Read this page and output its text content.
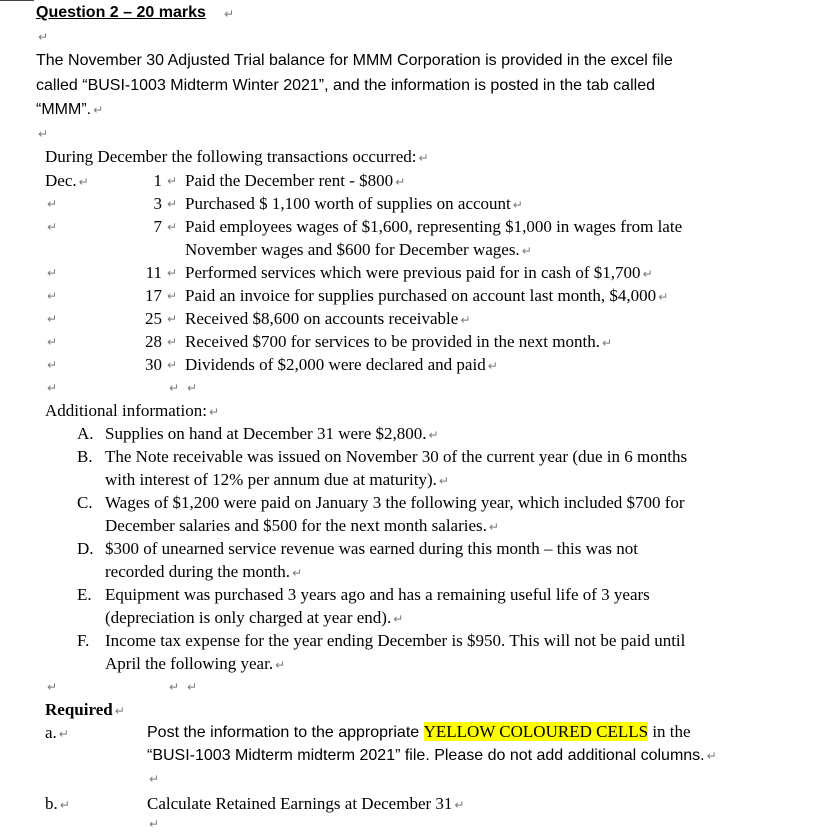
Question 2 – 20 marks ↵
↵
The November 30 Adjusted Trial balance for MMM Corporation is provided in the excel file
called “BUSI-1003 Midterm Winter 2021”, and the information is posted in the tab called
“MMM”. ↵
↵
During December the following transactions occurred: ↵
Dec. ↵	1 ↵ Paid the December rent - $800 ↵
↵	3 ↵ Purchased $ 1,100 worth of supplies on account ↵
↵	7 ↵ Paid employees wages of $1,600, representing $1,000 in wages from late
November wages and $600 for December wages. ↵
↵	11 ↵ Performed services which were previous paid for in cash of $1,700 ↵
↵	17 ↵ Paid an invoice for supplies purchased on account last month, $4,000 ↵
↵	25 ↵ Received $8,600 on accounts receivable ↵
↵	28 ↵ Received $700 for services to be provided in the next month. ↵
↵	30 ↵ Dividends of $2,000 were declared and paid ↵
↵	↵ ↵
Additional information: ↵
A. Supplies on hand at December 31 were $2,800. ↵
B. The Note receivable was issued on November 30 of the current year (due in 6 months
with interest of 12% per annum due at maturity). ↵
C. Wages of $1,200 were paid on January 3 the following year, which included $700 for
December salaries and $500 for the next month salaries. ↵
D. $300 of unearned service revenue was earned during this month – this was not
recorded during the month. ↵
E. Equipment was purchased 3 years ago and has a remaining useful life of 3 years
(depreciation is only charged at year end). ↵
F. Income tax expense for the year ending December is $950. This will not be paid until
April the following year. ↵
↵	↵ ↵
Required ↵
a. ↵	Post the information to the appropriate YELLOW COLOURED CELLS in the
“BUSI-1003 Midterm midterm 2021” file. Please do not add additional columns. ↵
↵
b. ↵	Calculate Retained Earnings at December 31 ↵
↵
